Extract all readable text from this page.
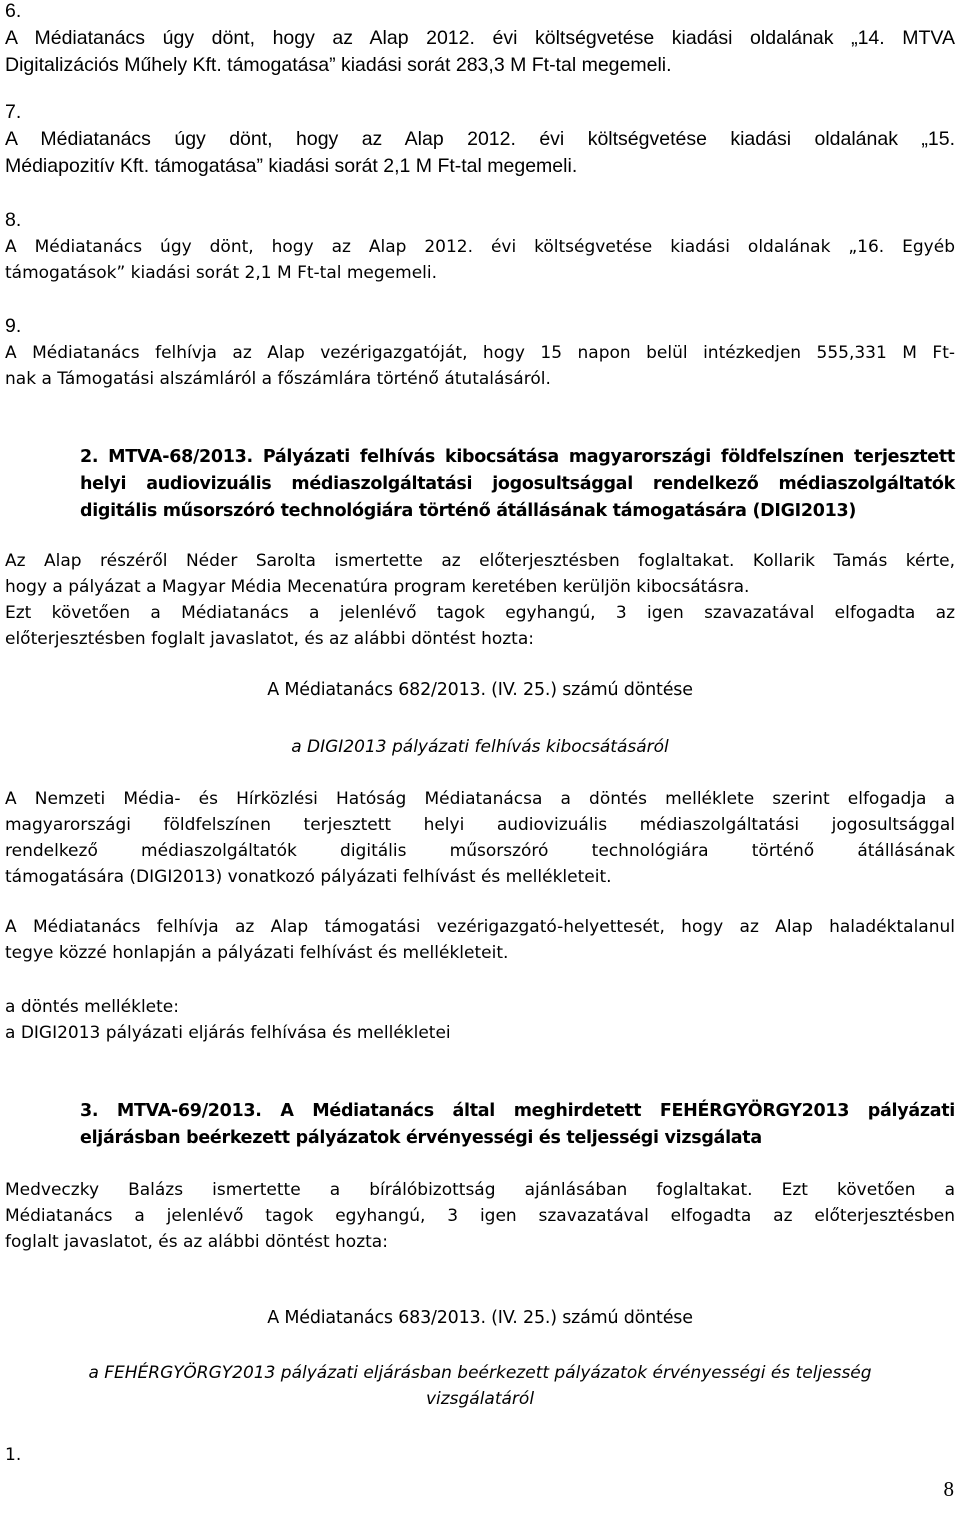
6.
A Médiatanács úgy dönt, hogy az Alap 2012. évi költségvetése kiadási oldalának „14. MTVA
Digitalizációs Műhely Kft. támogatása” kiadási sorát 283,3 M Ft-tal megemeli.
7.
A Médiatanács úgy dönt, hogy az Alap 2012. évi költségvetése kiadási oldalának „15.
Médiapozitív Kft. támogatása” kiadási sorát 2,1 M Ft-tal megemeli.
8.
A Médiatanács úgy dönt, hogy az Alap 2012. évi költségvetése kiadási oldalának „16. Egyéb
támogatások” kiadási sorát 2,1 M Ft-tal megemeli.
9.
A Médiatanács felhívja az Alap vezérigazgatóját, hogy 15 napon belül intézkedjen 555,331 M Ft-
nak a Támogatási alszámláról a főszámlára történő átutalásáról.
2. MTVA-68/2013. Pályázati felhívás kibocsátása magyarországi földfelszínen terjesztett
helyi audiovizuális médiaszolgáltatási jogosultsággal rendelkező médiaszolgáltatók
digitális műsorszóró technológiára történő átállásának támogatására (DIGI2013)
Az Alap részéről Néder Sarolta ismertette az előterjesztésben foglaltakat. Kollarik Tamás kérte,
hogy a pályázat a Magyar Média Mecenatúra program keretében kerüljön kibocsátásra.
Ezt követően a Médiatanács a jelenlévő tagok egyhangú, 3 igen szavazatával elfogadta az
előterjesztésben foglalt javaslatot, és az alábbi döntést hozta:
A Médiatanács 682/2013. (IV. 25.) számú döntése
a DIGI2013 pályázati felhívás kibocsátásáról
A Nemzeti Média- és Hírközlési Hatóság Médiatanácsa a döntés melléklete szerint elfogadja a
magyarországi földfelszínen terjesztett helyi audiovizuális médiaszolgáltatási jogosultsággal
rendelkező médiaszolgáltatók digitális műsorszóró technológiára történő átállásának
támogatására (DIGI2013) vonatkozó pályázati felhívást és mellékleteit.
A Médiatanács felhívja az Alap támogatási vezérigazgató-helyettesét, hogy az Alap haladéktalanul
tegye közzé honlapján a pályázati felhívást és mellékleteit.
a döntés melléklete:
a DIGI2013 pályázati eljárás felhívása és mellékletei
3. MTVA-69/2013. A Médiatanács által meghirdetett FEHÉRGYÖRGY2013 pályázati
eljárásban beérkezett pályázatok érvényességi és teljességi vizsgálata
Medveczky Balázs ismertette a bírálóbizottság ajánlásában foglaltakat. Ezt követően a
Médiatanács a jelenlévő tagok egyhangú, 3 igen szavazatával elfogadta az előterjesztésben
foglalt javaslatot, és az alábbi döntést hozta:
A Médiatanács 683/2013. (IV. 25.) számú döntése
a FEHÉRGYÖRGY2013 pályázati eljárásban beérkezett pályázatok érvényességi és teljesség
vizsgálatáról
1.
8
